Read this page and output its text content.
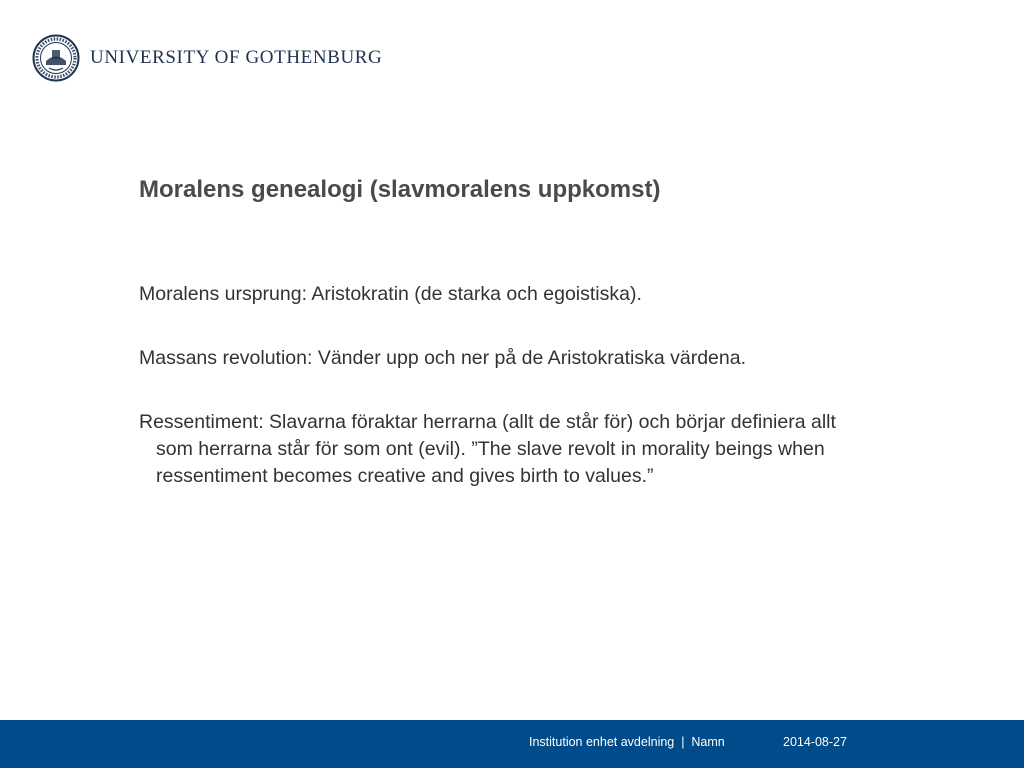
UNIVERSITY OF GOTHENBURG
Moralens genealogi (slavmoralens uppkomst)

Moralens ursprung: Aristokratin (de starka och egoistiska).

Massans revolution: Vänder upp och ner på de Aristokratiska värdena.

Ressentiment: Slavarna föraktar herrarna (allt de står för) och börjar definiera allt som herrarna står för som ont (evil). ”The slave revolt in morality beings when ressentiment becomes creative and gives birth to values.”

Institution enhet avdelning  |  Namn	2014-08-27
